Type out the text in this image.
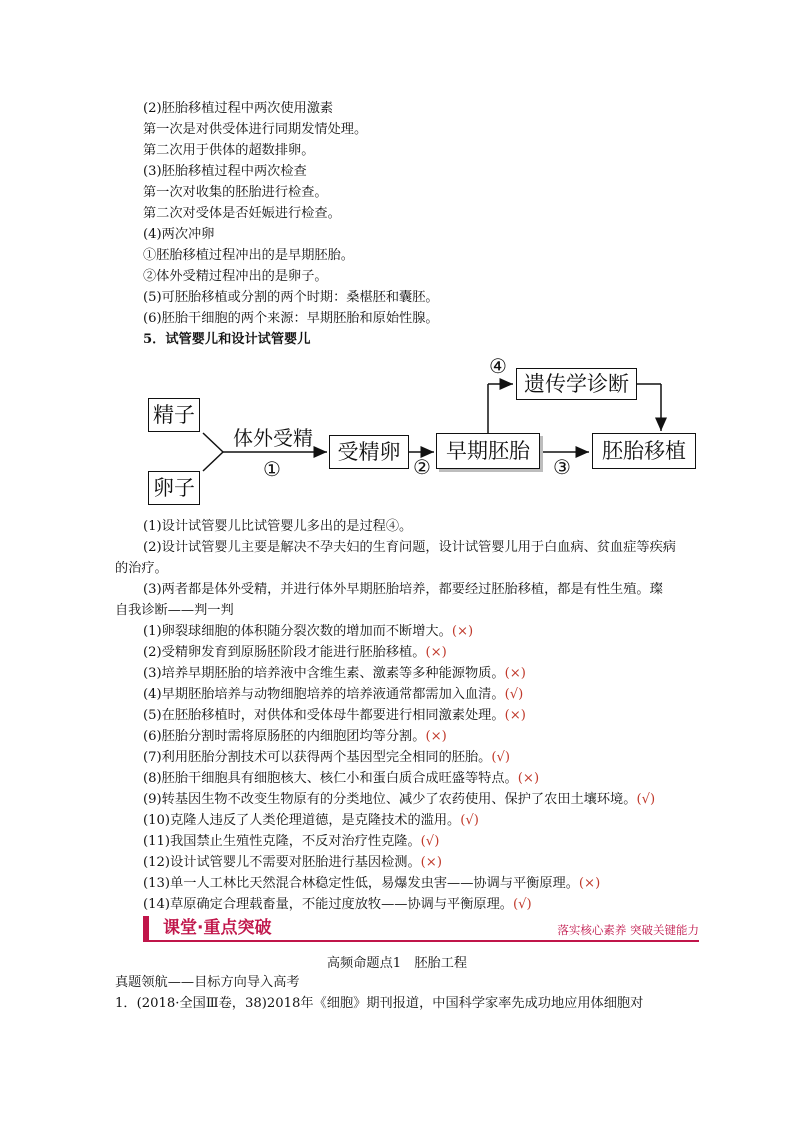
(2)胚胎移植过程中两次使用激素
第一次是对供受体进行同期发情处理。
第二次用于供体的超数排卵。
(3)胚胎移植过程中两次检查
第一次对收集的胚胎进行检查。
第二次对受体是否妊娠进行检查。
(4)两次冲卵
①胚胎移植过程冲出的是早期胚胎。
②体外受精过程冲出的是卵子。
(5)可胚胎移植或分割的两个时期：桑椹胚和囊胚。
(6)胚胎干细胞的两个来源：早期胚胎和原始性腺。
5．试管婴儿和设计试管婴儿
精子
卵子
体外受精
①
受精卵
②
早期胚胎
③
胚胎移植
④
遗传学诊断
(1)设计试管婴儿比试管婴儿多出的是过程④。
(2)设计试管婴儿主要是解决不孕夫妇的生育问题，设计试管婴儿用于白血病、贫血症等疾病
的治疗。
(3)两者都是体外受精，并进行体外早期胚胎培养，都要经过胚胎移植，都是有性生殖。璨
自我诊断——判一判
(1)卵裂球细胞的体积随分裂次数的增加而不断增大。(×)
(2)受精卵发育到原肠胚阶段才能进行胚胎移植。(×)
(3)培养早期胚胎的培养液中含维生素、激素等多种能源物质。(×)
(4)早期胚胎培养与动物细胞培养的培养液通常都需加入血清。(√)
(5)在胚胎移植时，对供体和受体母牛都要进行相同激素处理。(×)
(6)胚胎分割时需将原肠胚的内细胞团均等分割。(×)
(7)利用胚胎分割技术可以获得两个基因型完全相同的胚胎。(√)
(8)胚胎干细胞具有细胞核大、核仁小和蛋白质合成旺盛等特点。(×)
(9)转基因生物不改变生物原有的分类地位、减少了农药使用、保护了农田土壤环境。(√)
(10)克隆人违反了人类伦理道德，是克隆技术的滥用。(√)
(11)我国禁止生殖性克隆，不反对治疗性克隆。(√)
(12)设计试管婴儿不需要对胚胎进行基因检测。(×)
(13)单一人工林比天然混合林稳定性低，易爆发虫害——协调与平衡原理。(×)
(14)草原确定合理载畜量，不能过度放牧——协调与平衡原理。(√)
课堂·重点突破	落实核心素养 突破关键能力
高频命题点1　胚胎工程
真题领航——目标方向导入高考
1．(2018·全国Ⅲ卷，38)2018年《细胞》期刊报道，中国科学家率先成功地应用体细胞对
